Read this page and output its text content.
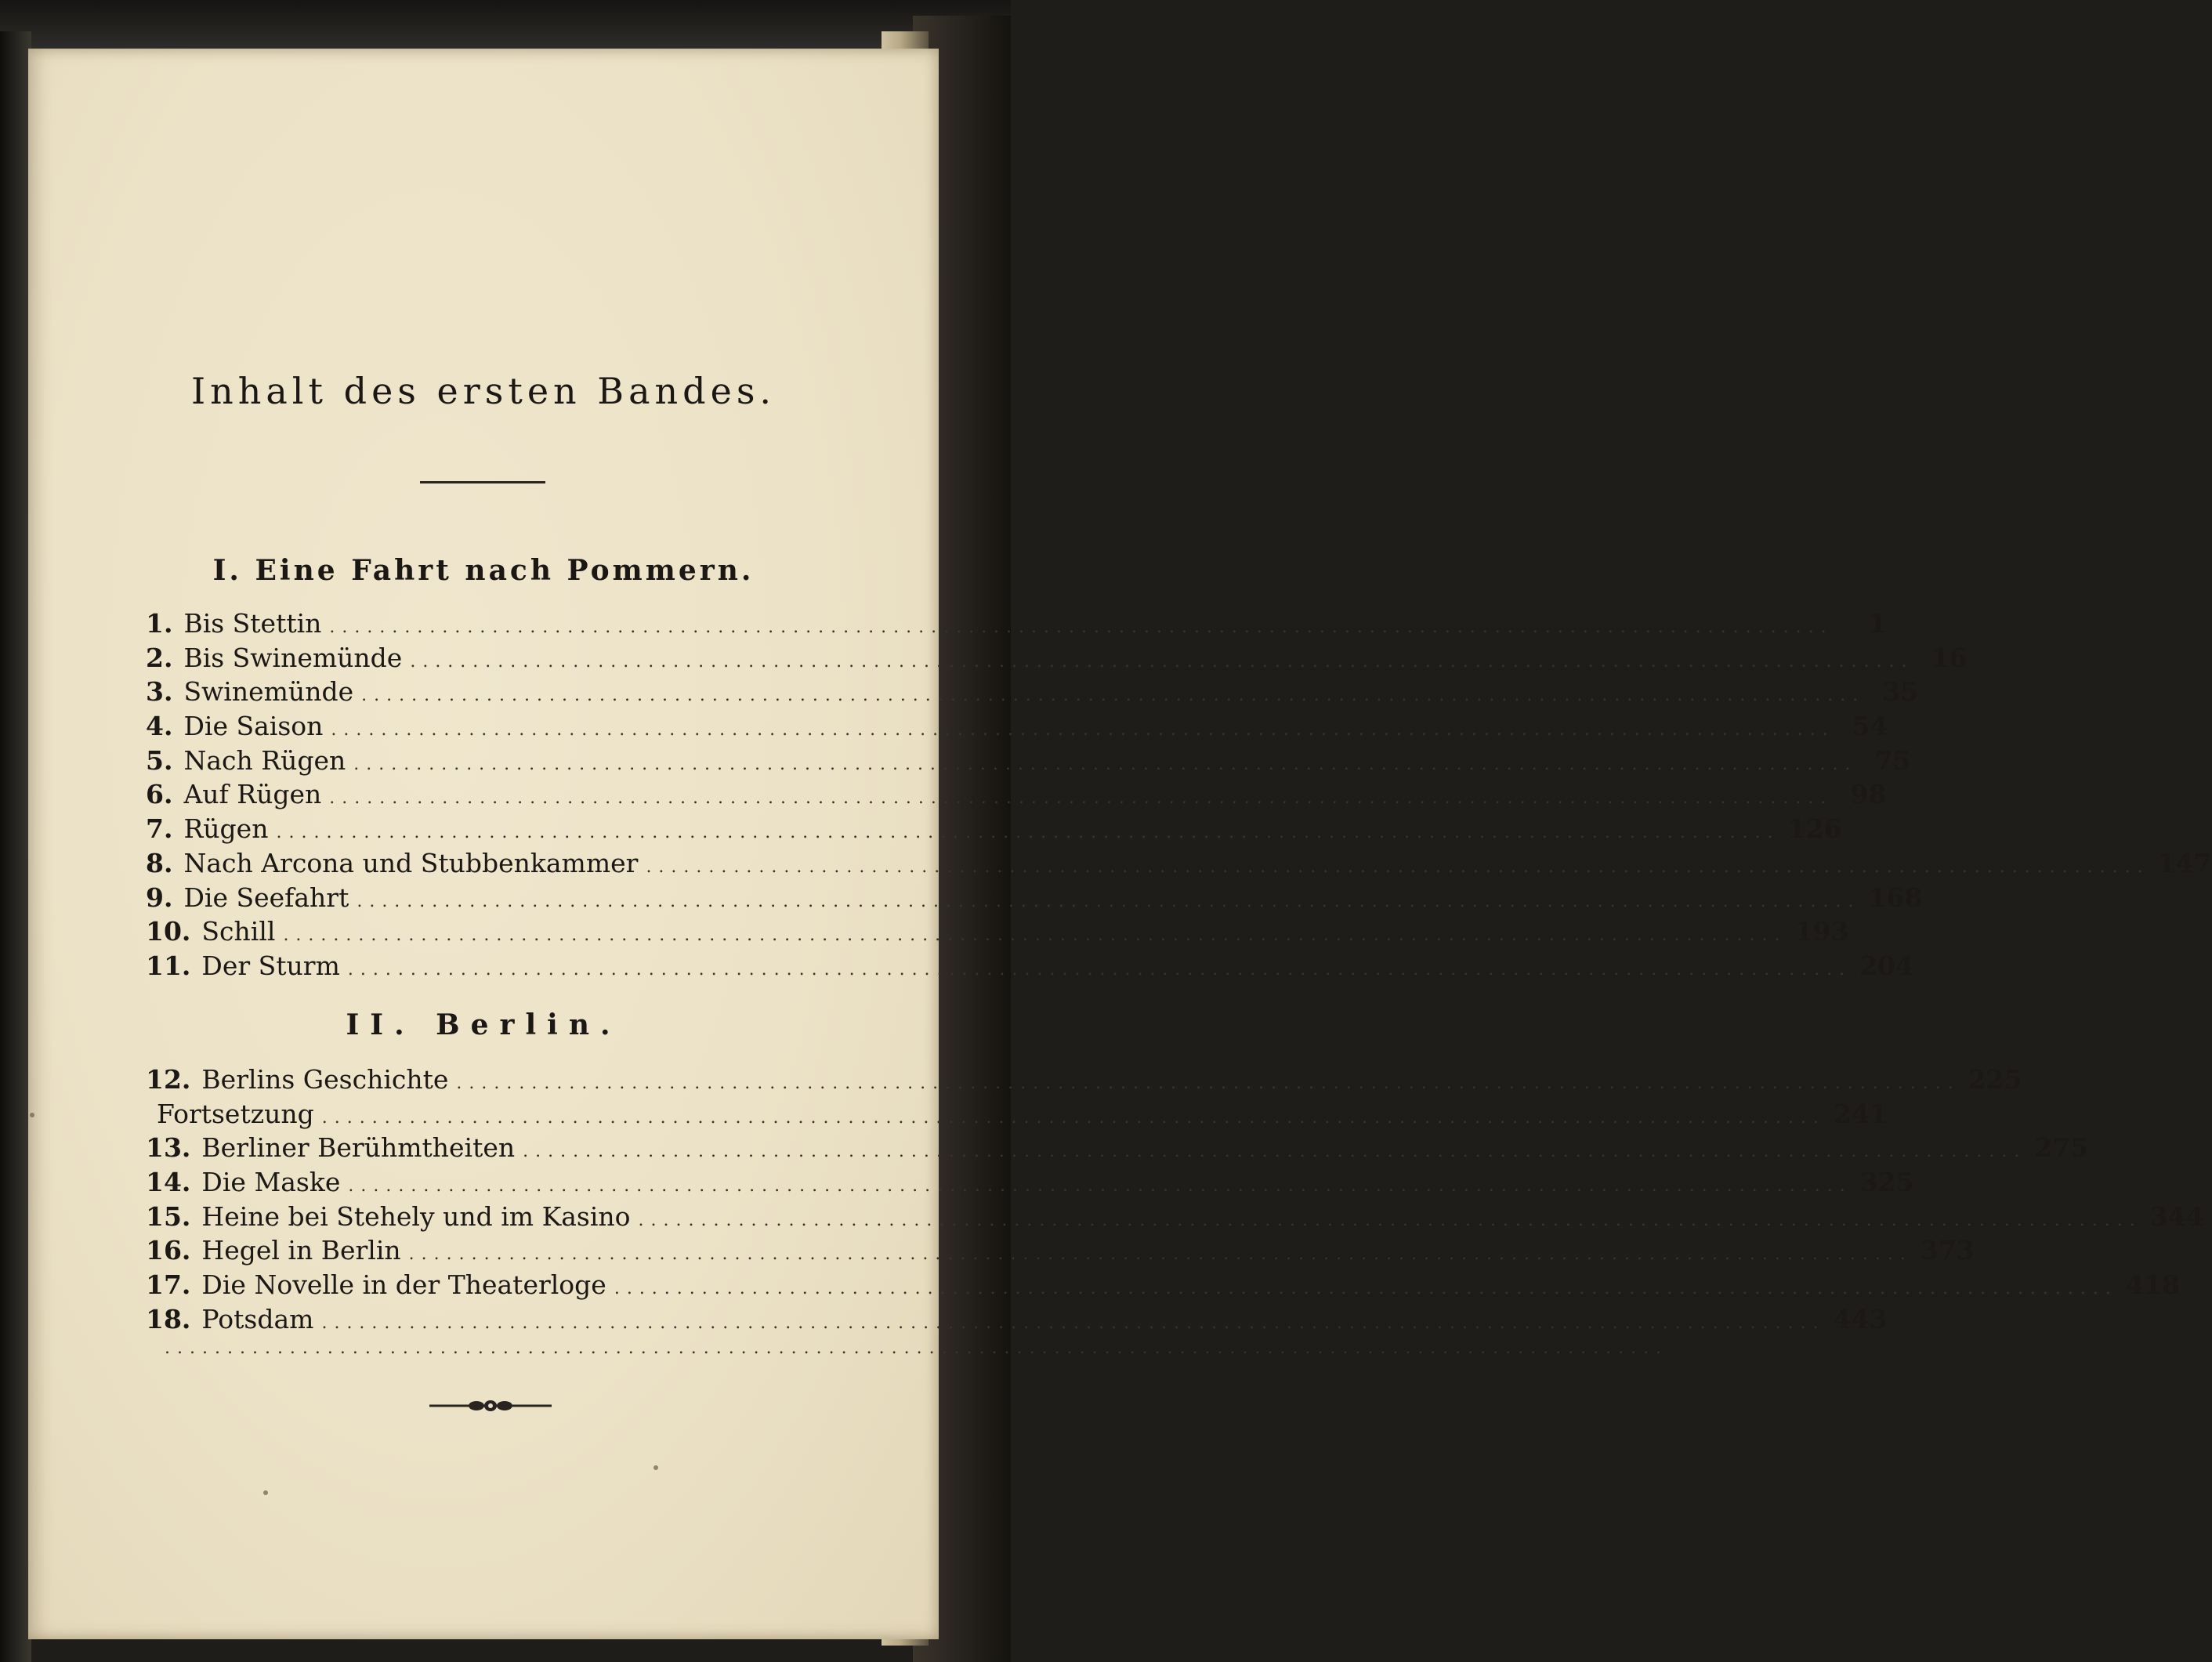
Inhalt des ersten Bandes.
I. Eine Fahrt nach Pommern.
1. Bis Stettin ........................................................................................................................	1
2. Bis Swinemünde ........................................................................................................................ 16
3. Swinemünde ........................................................................................................................ 35
4. Die Saison ........................................................................................................................ 54
5. Nach Rügen ........................................................................................................................ 75
6. Auf Rügen ........................................................................................................................ 98
7. Rügen ........................................................................................................................ 126
8. Nach Arcona und Stubbenkammer ........................................................................................................................ 147
9. Die Seefahrt ........................................................................................................................ 168
10. Schill ........................................................................................................................ 193
11. Der Sturm ........................................................................................................................ 204
II. Berlin.
12. Berlins Geschichte ........................................................................................................................ 225
Fortsetzung ........................................................................................................................ 241
13. Berliner Berühmtheiten ........................................................................................................................ 275
14. Die Maske ........................................................................................................................ 325
15. Heine bei Stehely und im Kasino ........................................................................................................................ 344
16. Hegel in Berlin ........................................................................................................................ 373
17. Die Novelle in der Theaterloge ........................................................................................................................ 418
18. Potsdam ........................................................................................................................ 443
........................................................................................................................
